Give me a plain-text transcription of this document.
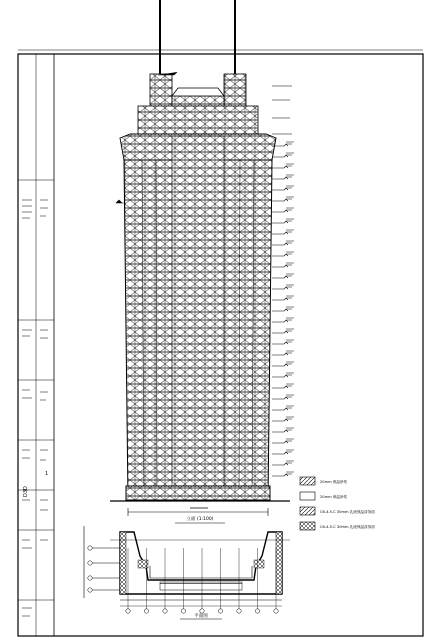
D3D
1
立面 (1:100)
20mm 保温砂浆
20mm 保温砂浆
C6-4-5-C 30mm 乳液保温漆饰面
C6-4-5-C 30mm 乳液保温漆饰面
平面图
